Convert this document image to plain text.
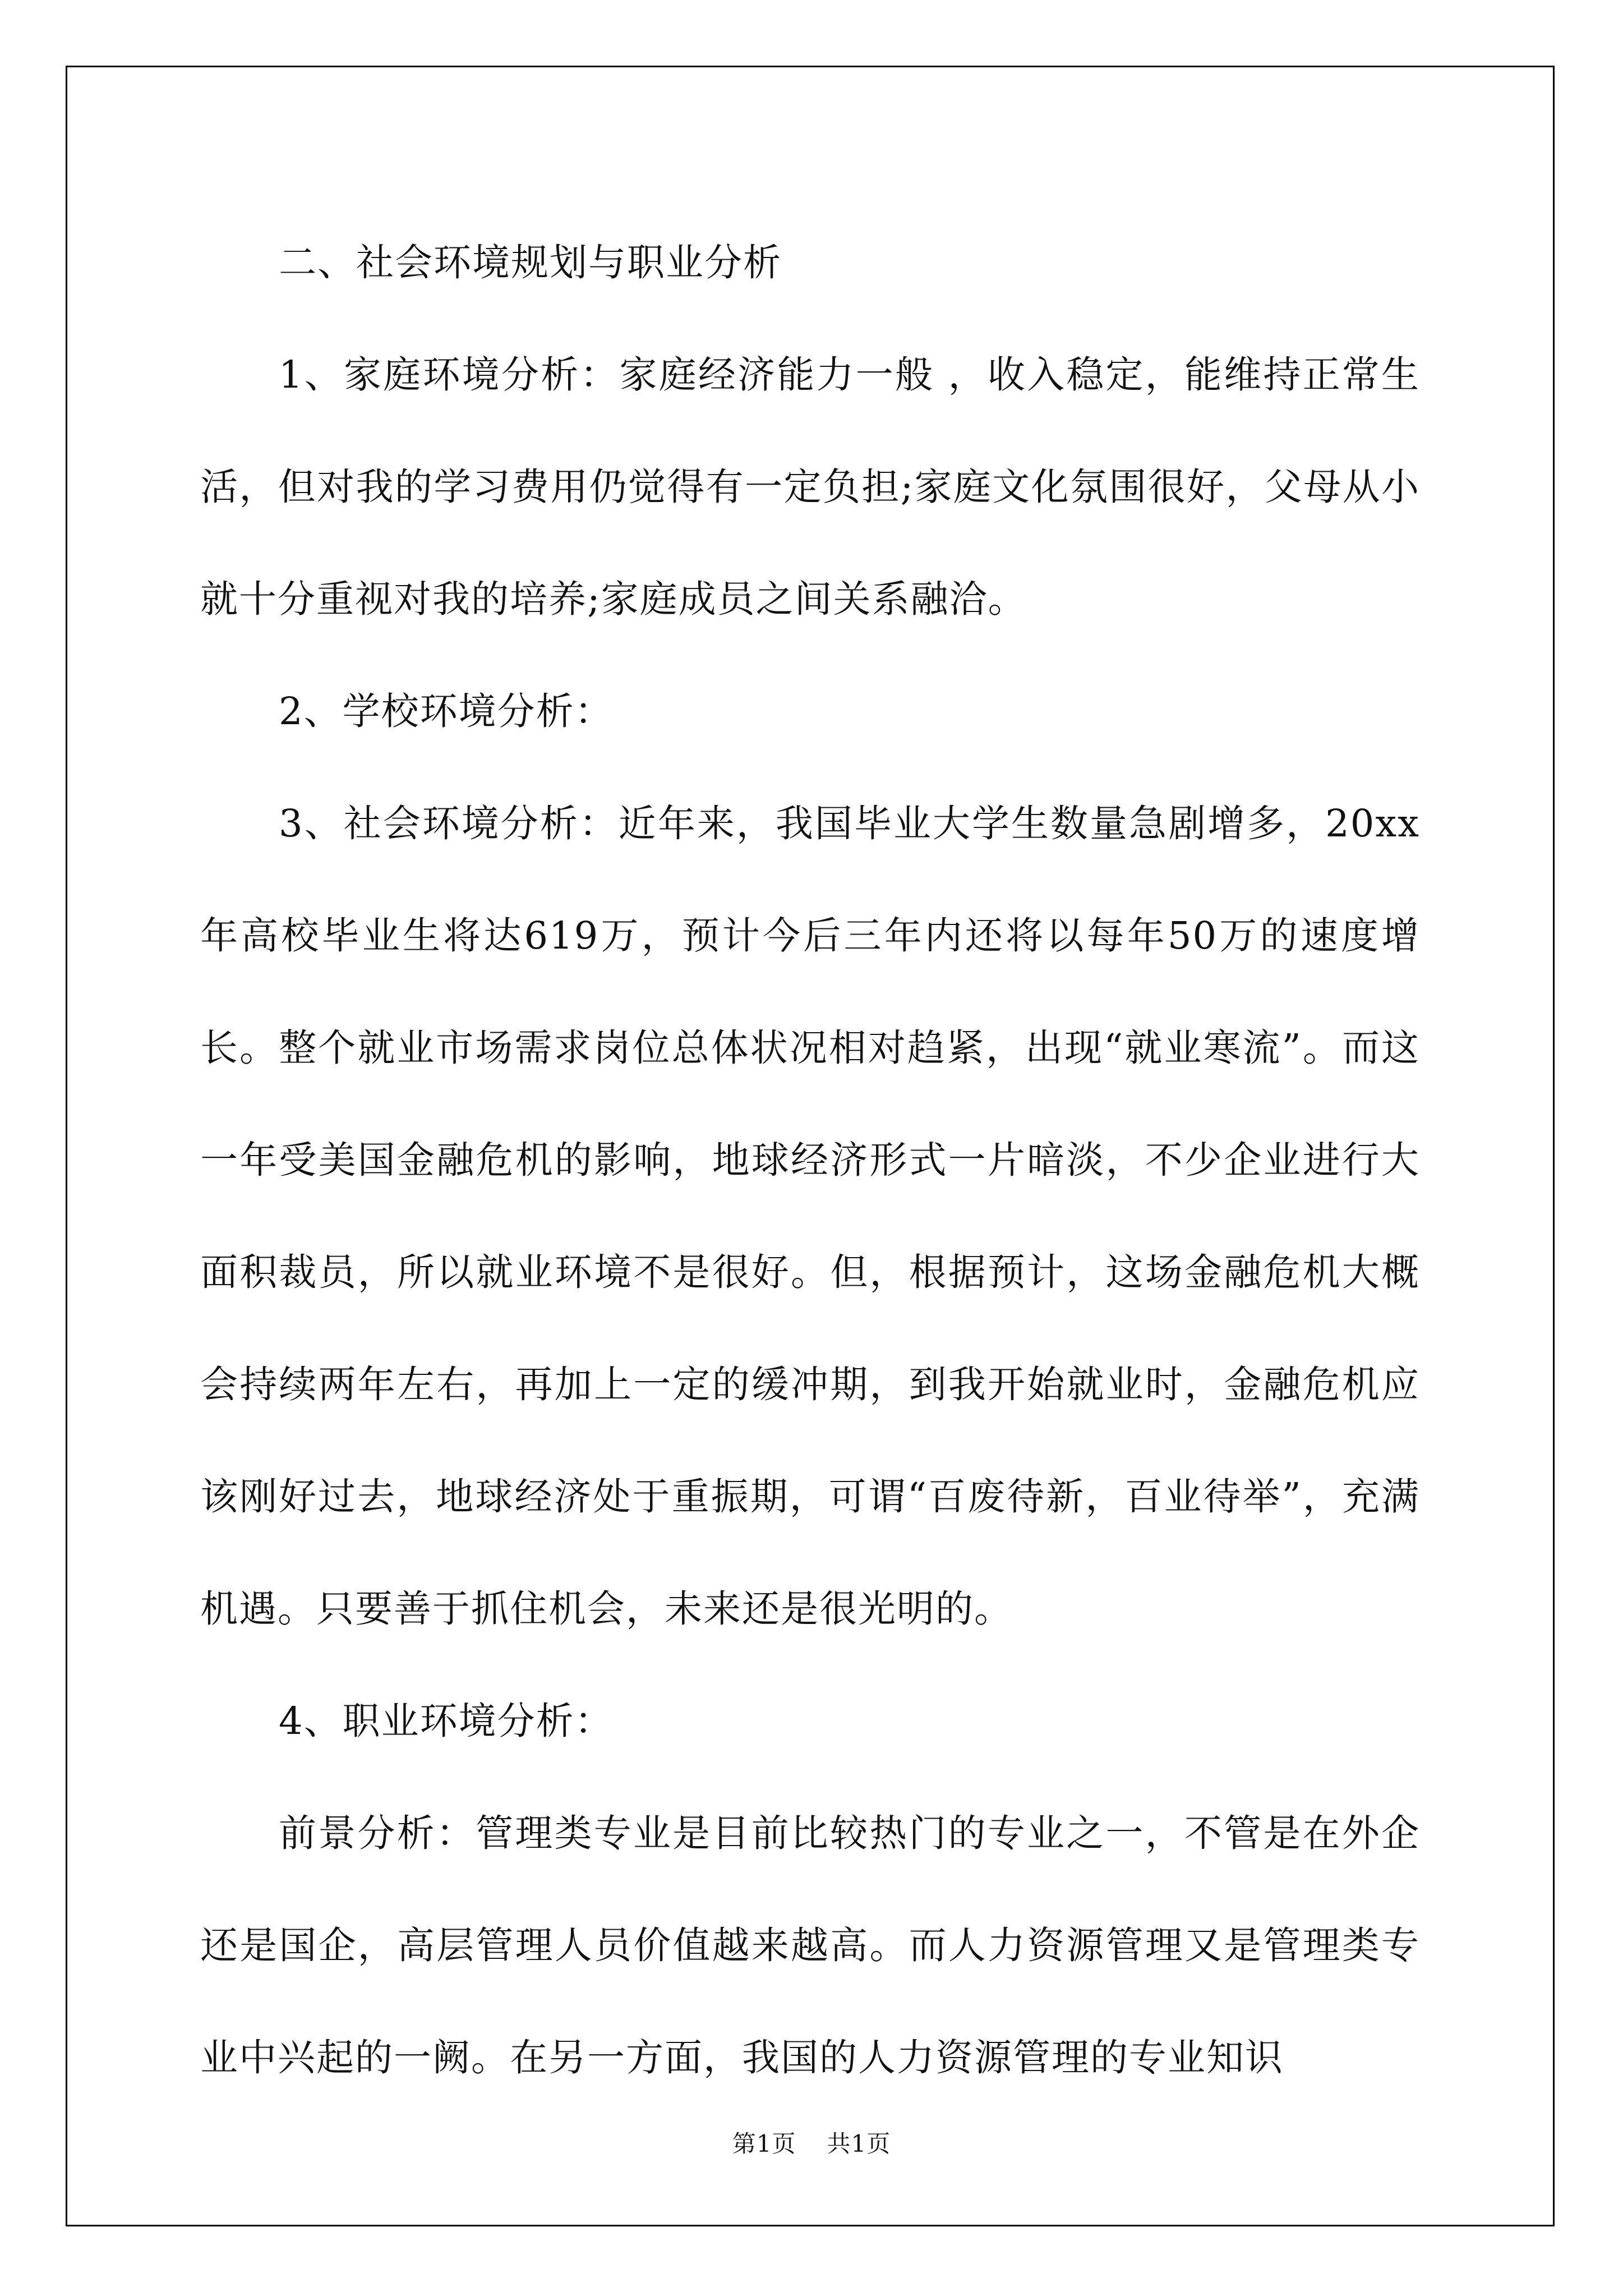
二、社会环境规划与职业分析

1、家庭环境分析：家庭经济能力一般 ，收入稳定，能维持正常生活，但对我的学习费用仍觉得有一定负担;家庭文化氛围很好，父母从小就十分重视对我的培养;家庭成员之间关系融洽。

2、学校环境分析：

3、社会环境分析：近年来，我国毕业大学生数量急剧增多，20xx年高校毕业生将达619万，预计今后三年内还将以每年50万的速度增长。整个就业市场需求岗位总体状况相对趋紧，出现“就业寒流”。而这一年受美国金融危机的影响，地球经济形式一片暗淡，不少企业进行大面积裁员，所以就业环境不是很好。但，根据预计，这场金融危机大概会持续两年左右，再加上一定的缓冲期，到我开始就业时，金融危机应该刚好过去，地球经济处于重振期，可谓“百废待新，百业待举”，充满机遇。只要善于抓住机会，未来还是很光明的。

4、职业环境分析：

前景分析：管理类专业是目前比较热门的专业之一，不管是在外企还是国企，高层管理人员价值越来越高。而人力资源管理又是管理类专业中兴起的一阙。在另一方面，我国的人力资源管理的专业知识

第1页 共1页
